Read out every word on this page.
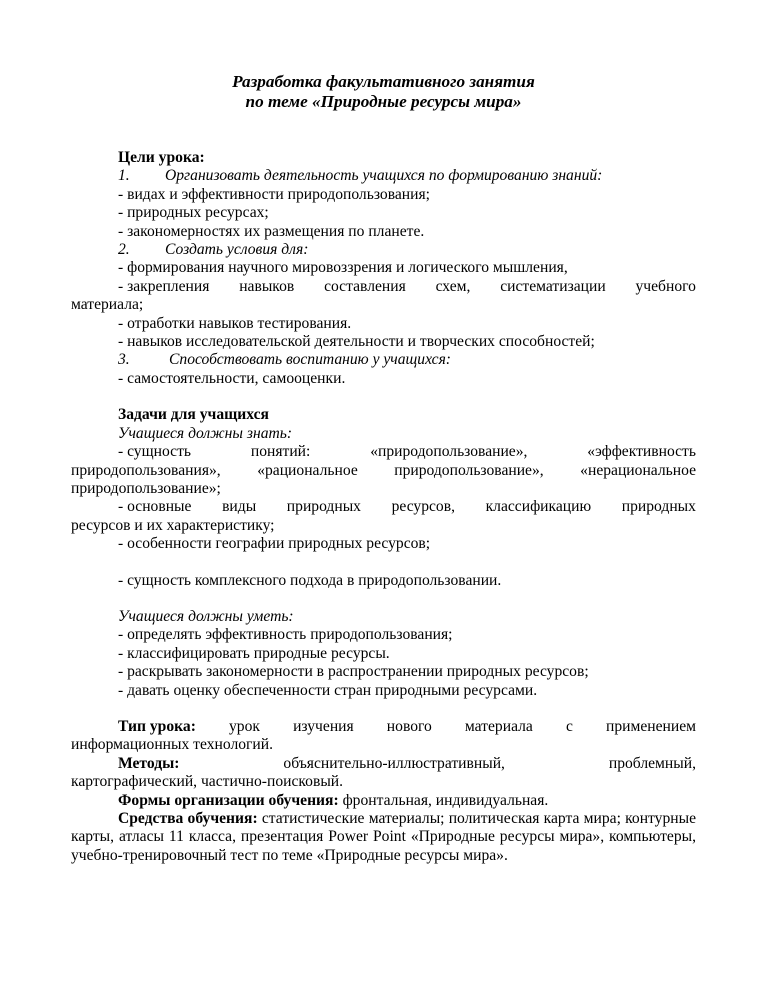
Разработка факультативного занятия
по теме «Природные ресурсы мира»
Цели урока:
1. Организовать деятельность учащихся по формированию знаний:
- видах и эффективности природопользования;
- природных ресурсах;
- закономерностях их размещения по планете.
2. Создать условия для:
- формирования научного мировоззрения и логического мышления,
- закрепления навыков составления схем, систематизации учебного
материала;
- отработки навыков тестирования.
- навыков исследовательской деятельности и творческих способностей;
3.	Способствовать воспитанию у учащихся:
- самостоятельности, самооценки.
Задачи для учащихся
Учащиеся должны знать:
- сущность	понятий:	«природопользование»,	«эффективность
природопользования», «рациональное природопользование», «нерациональное
природопользование»;
- основные виды природных ресурсов, классификацию природных
ресурсов и их характеристику;
- особенности географии природных ресурсов;
- сущность комплексного подхода в природопользовании.
Учащиеся должны уметь:
- определять эффективность природопользования;
- классифицировать природные ресурсы.
- раскрывать закономерности в распространении природных ресурсов;
- давать оценку обеспеченности стран природными ресурсами.
Тип урока: урок изучения нового материала с применением
информационных технологий.
Методы:	объяснительно-иллюстративный,	проблемный,
картографический, частично-поисковый.
Формы организации обучения: фронтальная, индивидуальная.
Средства обучения: статистические материалы; политическая карта мира; контурные карты, атласы 11 класса, презентация Power Point «Природные ресурсы мира», компьютеры, учебно-тренировочный тест по теме «Природные ресурсы мира».
